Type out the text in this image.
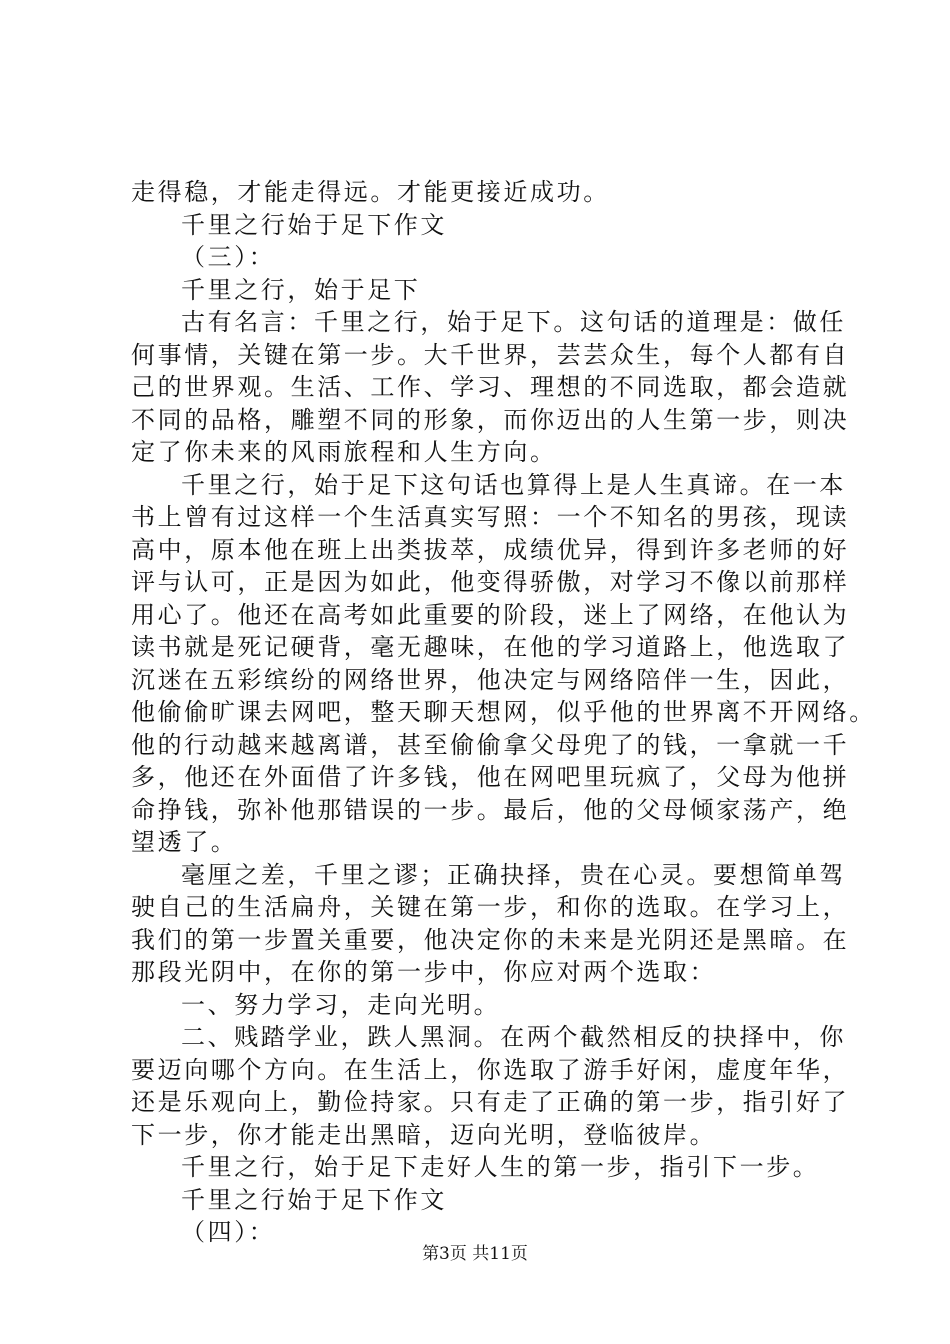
走得稳，才能走得远。才能更接近成功。
千里之行始于足下作文
（三）：
千里之行，始于足下
古有名言：千里之行，始于足下。这句话的道理是：做任
何事情，关键在第一步。大千世界，芸芸众生，每个人都有自
己的世界观。生活、工作、学习、理想的不同选取，都会造就
不同的品格，雕塑不同的形象，而你迈出的人生第一步，则决
定了你未来的风雨旅程和人生方向。
千里之行，始于足下这句话也算得上是人生真谛。在一本
书上曾有过这样一个生活真实写照：一个不知名的男孩，现读
高中，原本他在班上出类拔萃，成绩优异，得到许多老师的好
评与认可，正是因为如此，他变得骄傲，对学习不像以前那样
用心了。他还在高考如此重要的阶段，迷上了网络，在他认为
读书就是死记硬背，毫无趣味，在他的学习道路上，他选取了
沉迷在五彩缤纷的网络世界，他决定与网络陪伴一生，因此，
他偷偷旷课去网吧，整天聊天想网，似乎他的世界离不开网络。
他的行动越来越离谱，甚至偷偷拿父母兜了的钱，一拿就一千
多，他还在外面借了许多钱，他在网吧里玩疯了，父母为他拼
命挣钱，弥补他那错误的一步。最后，他的父母倾家荡产，绝
望透了。
毫厘之差，千里之谬；正确抉择，贵在心灵。要想简单驾
驶自己的生活扁舟，关键在第一步，和你的选取。在学习上，
我们的第一步置关重要，他决定你的未来是光阴还是黑暗。在
那段光阴中，在你的第一步中，你应对两个选取：
一、努力学习，走向光明。
二、贱踏学业，跌人黑洞。在两个截然相反的抉择中，你
要迈向哪个方向。在生活上，你选取了游手好闲，虚度年华，
还是乐观向上，勤俭持家。只有走了正确的第一步，指引好了
下一步，你才能走出黑暗，迈向光明，登临彼岸。
千里之行，始于足下走好人生的第一步，指引下一步。
千里之行始于足下作文
（四）：
第3页 共11页
